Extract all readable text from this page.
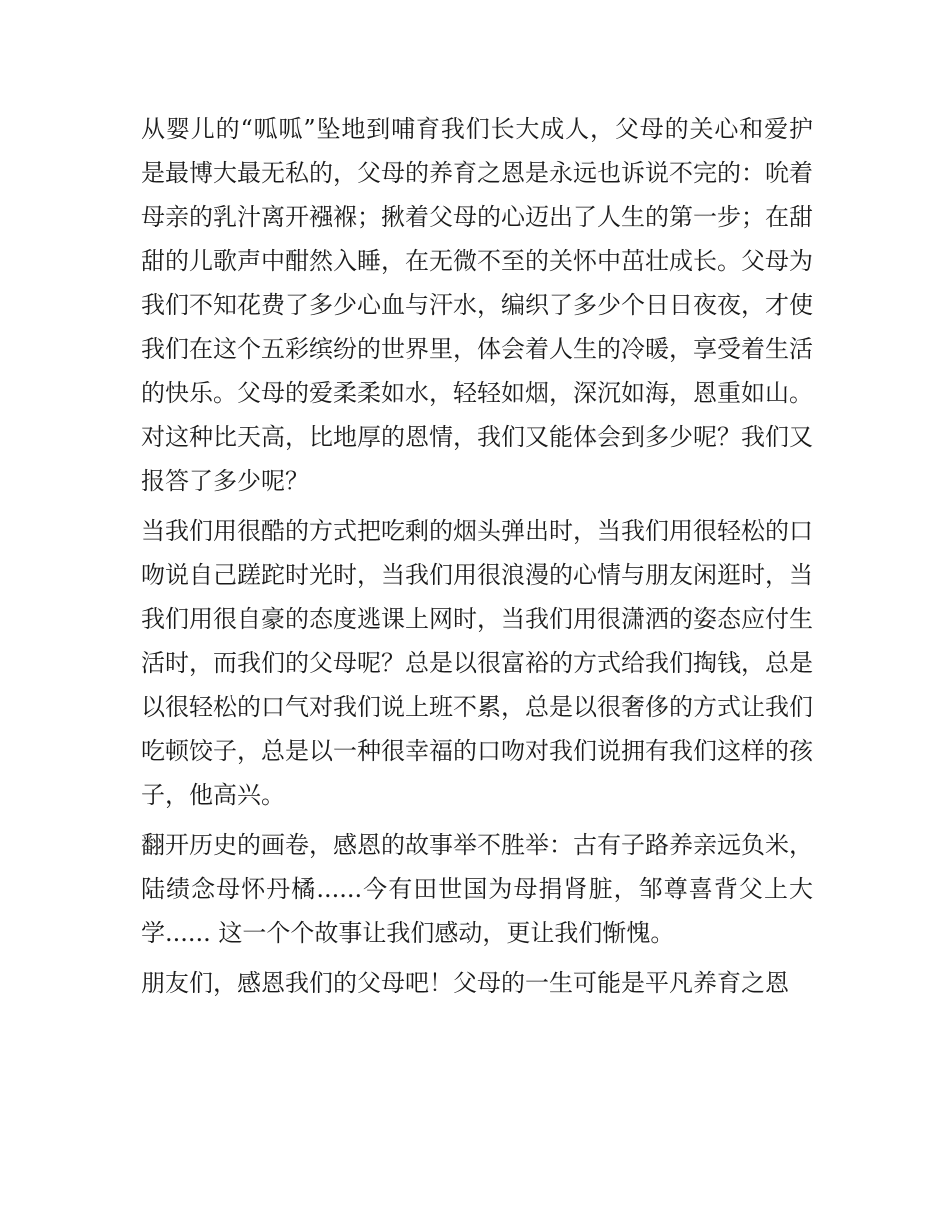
从婴儿的“呱呱”坠地到哺育我们长大成人，父母的关心和爱护是最博大最无私的，父母的养育之恩是永远也诉说不完的：吮着母亲的乳汁离开襁褓；揪着父母的心迈出了人生的第一步；在甜甜的儿歌声中酣然入睡，在无微不至的关怀中茁壮成长。父母为我们不知花费了多少心血与汗水，编织了多少个日日夜夜，才使我们在这个五彩缤纷的世界里，体会着人生的冷暖，享受着生活的快乐。父母的爱柔柔如水，轻轻如烟，深沉如海，恩重如山。对这种比天高，比地厚的恩情，我们又能体会到多少呢？我们又报答了多少呢？

当我们用很酷的方式把吃剩的烟头弹出时，当我们用很轻松的口吻说自己蹉跎时光时，当我们用很浪漫的心情与朋友闲逛时，当我们用很自豪的态度逃课上网时，当我们用很潇洒的姿态应付生活时，而我们的父母呢？总是以很富裕的方式给我们掏钱，总是以很轻松的口气对我们说上班不累，总是以很奢侈的方式让我们吃顿饺子，总是以一种很幸福的口吻对我们说拥有我们这样的孩子，他高兴。

翻开历史的画卷，感恩的故事举不胜举：古有子路养亲远负米，陆绩念母怀丹橘......今有田世国为母捐肾脏，邹尊喜背父上大学...... 这一个个故事让我们感动，更让我们惭愧。

朋友们，感恩我们的父母吧！父母的一生可能是平凡养育之恩
